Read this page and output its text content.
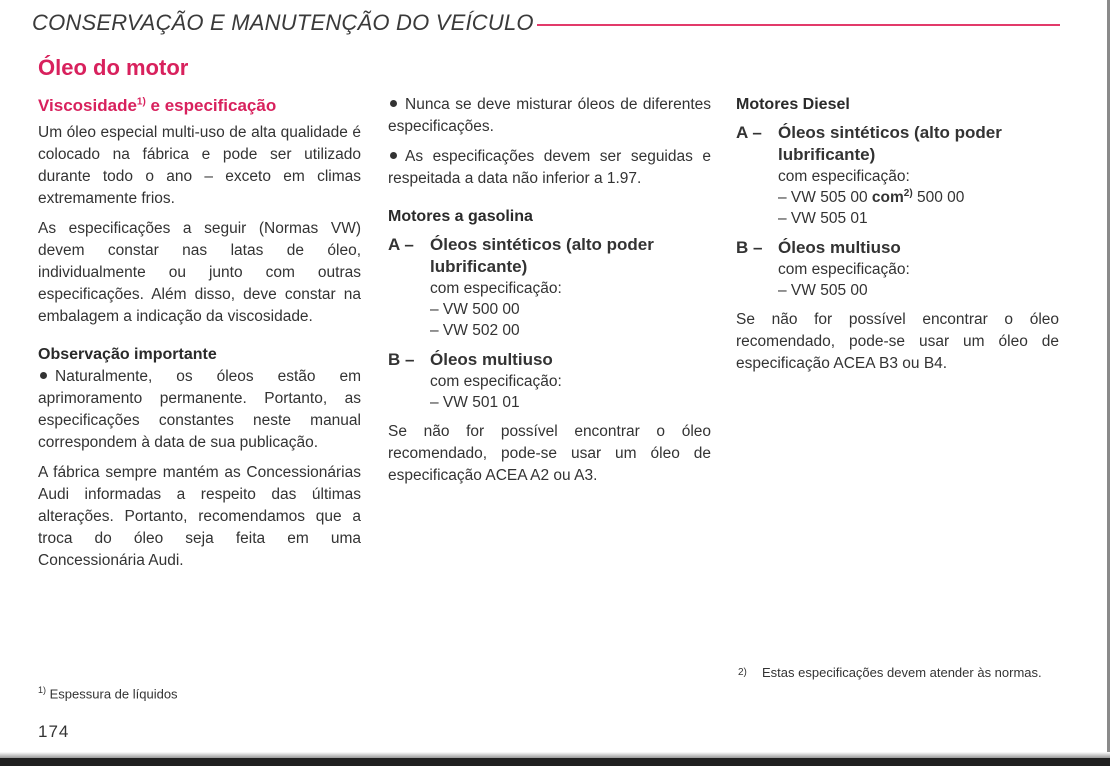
CONSERVAÇÃO E MANUTENÇÃO DO VEÍCULO
Óleo do motor
Viscosidade$^{1)}$ e especificação

Um óleo especial multi-uso de alta qualidade é colocado na fábrica e pode ser utilizado durante todo o ano – exceto em climas extremamente frios.

As especificações a seguir (Normas VW) devem constar nas latas de óleo, individualmente ou junto com outras especificações. Além disso, deve constar na embalagem a indicação da viscosidade.

Observação importante

Naturalmente, os óleos estão em aprimoramento permanente. Portanto, as especificações constantes neste manual correspondem à data de sua publicação.

A fábrica sempre mantém as Concessionárias Audi informadas a respeito das últimas alterações. Portanto, recomendamos que a troca do óleo seja feita em uma Concessionária Audi.

Nunca se deve misturar óleos de diferentes especificações.

As especificações devem ser seguidas e respeitada a data não inferior a 1.97.

Motores a gasolina
A – Óleos sintéticos (alto poder lubrificante)
com especificação:
– VW 500 00
– VW 502 00
B – Óleos multiuso
com especificação:
– VW 501 01

Se não for possível encontrar o óleo recomendado, pode-se usar um óleo de especificação ACEA A2 ou A3.

Motores Diesel
A – Óleos sintéticos (alto poder lubrificante)
com especificação:
– VW 505 00 com$^{2)}$ 500 00
– VW 505 01
B – Óleos multiuso
com especificação:
– VW 505 00

Se não for possível encontrar o óleo recomendado, pode-se usar um óleo de especificação ACEA B3 ou B4.

$^{1)}$ Espessura de líquidos
2)	Estas especificações devem atender às normas.
174
